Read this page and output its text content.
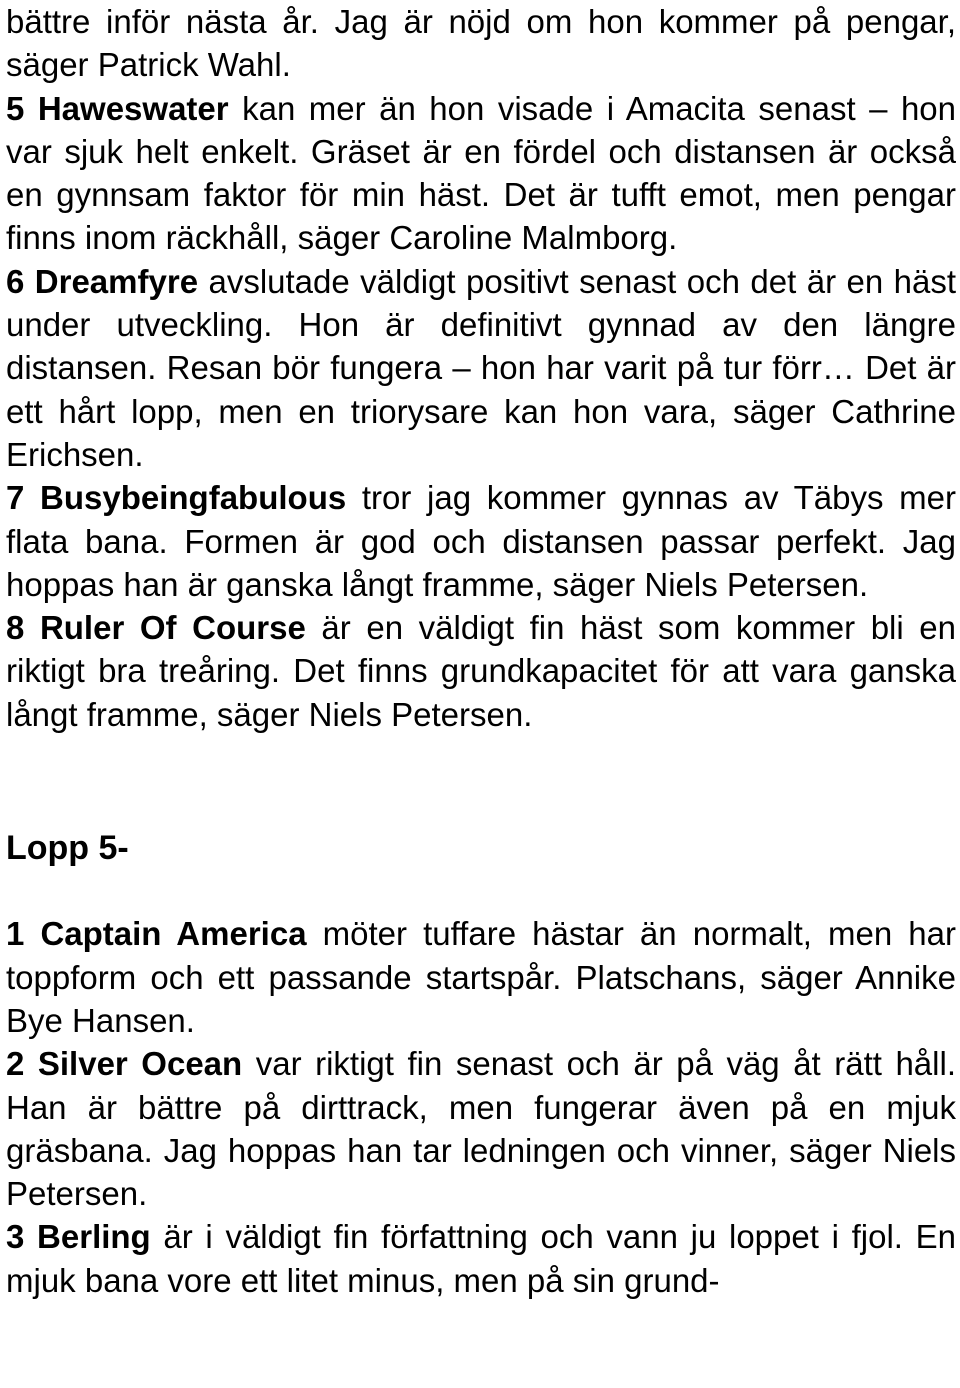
bättre inför nästa år. Jag är nöjd om hon kommer på pengar, säger Patrick Wahl.

5 Haweswater kan mer än hon visade i Amacita senast – hon var sjuk helt enkelt. Gräset är en fördel och distansen är också en gynnsam faktor för min häst. Det är tufft emot, men pengar finns inom räckhåll, säger Caroline Malmborg.

6 Dreamfyre avslutade väldigt positivt senast och det är en häst under utveckling. Hon är definitivt gynnad av den längre distansen. Resan bör fungera – hon har varit på tur förr… Det är ett hårt lopp, men en triorysare kan hon vara, säger Cathrine Erichsen.

7 Busybeingfabulous tror jag kommer gynnas av Täbys mer flata bana. Formen är god och distansen passar perfekt. Jag hoppas han är ganska långt framme, säger Niels Petersen.

8 Ruler Of Course är en väldigt fin häst som kommer bli en riktigt bra treåring. Det finns grundkapacitet för att vara ganska långt framme, säger Niels Petersen.

Lopp 5-

1 Captain America möter tuffare hästar än normalt, men har toppform och ett passande startspår. Platschans, säger Annike Bye Hansen.

2 Silver Ocean var riktigt fin senast och är på väg åt rätt håll. Han är bättre på dirttrack, men fungerar även på en mjuk gräsbana. Jag hoppas han tar ledningen och vinner, säger Niels Petersen.

3 Berling är i väldigt fin författning och vann ju loppet i fjol. En mjuk bana vore ett litet minus, men på sin grund-
